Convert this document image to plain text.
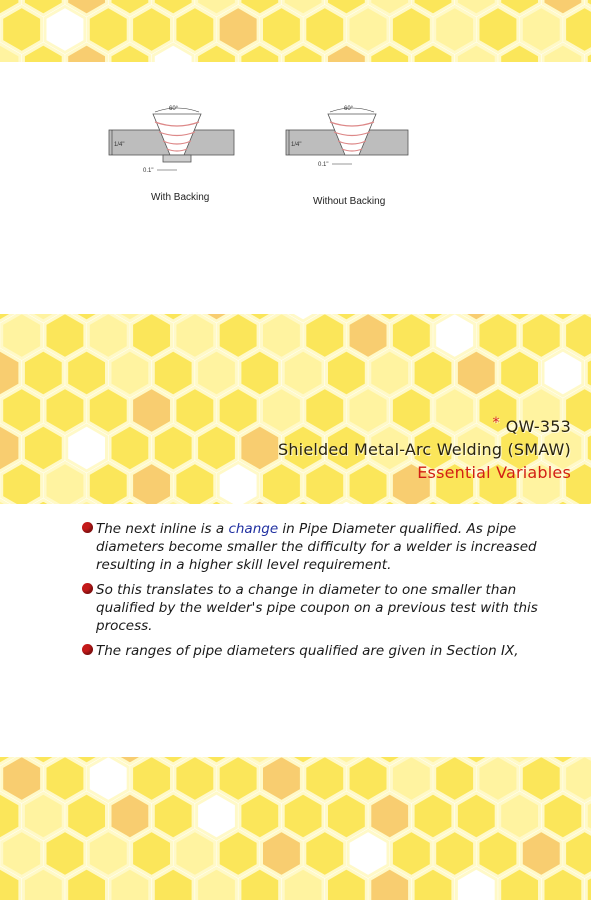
60°
1/4"
0.1"
With Backing
60°
1/4"
0.1"
Without Backing
* QW-353
Shielded Metal-Arc Welding (SMAW)
Essential Variables
The next inline is a change in Pipe Diameter qualified. As pipe diameters become smaller the difficulty for a welder is increased resulting in a higher skill level requirement.
So this translates to a change in diameter to one smaller than qualified by the welder's pipe coupon on a previous test with this process.
The ranges of pipe diameters qualified are given in Section IX,
